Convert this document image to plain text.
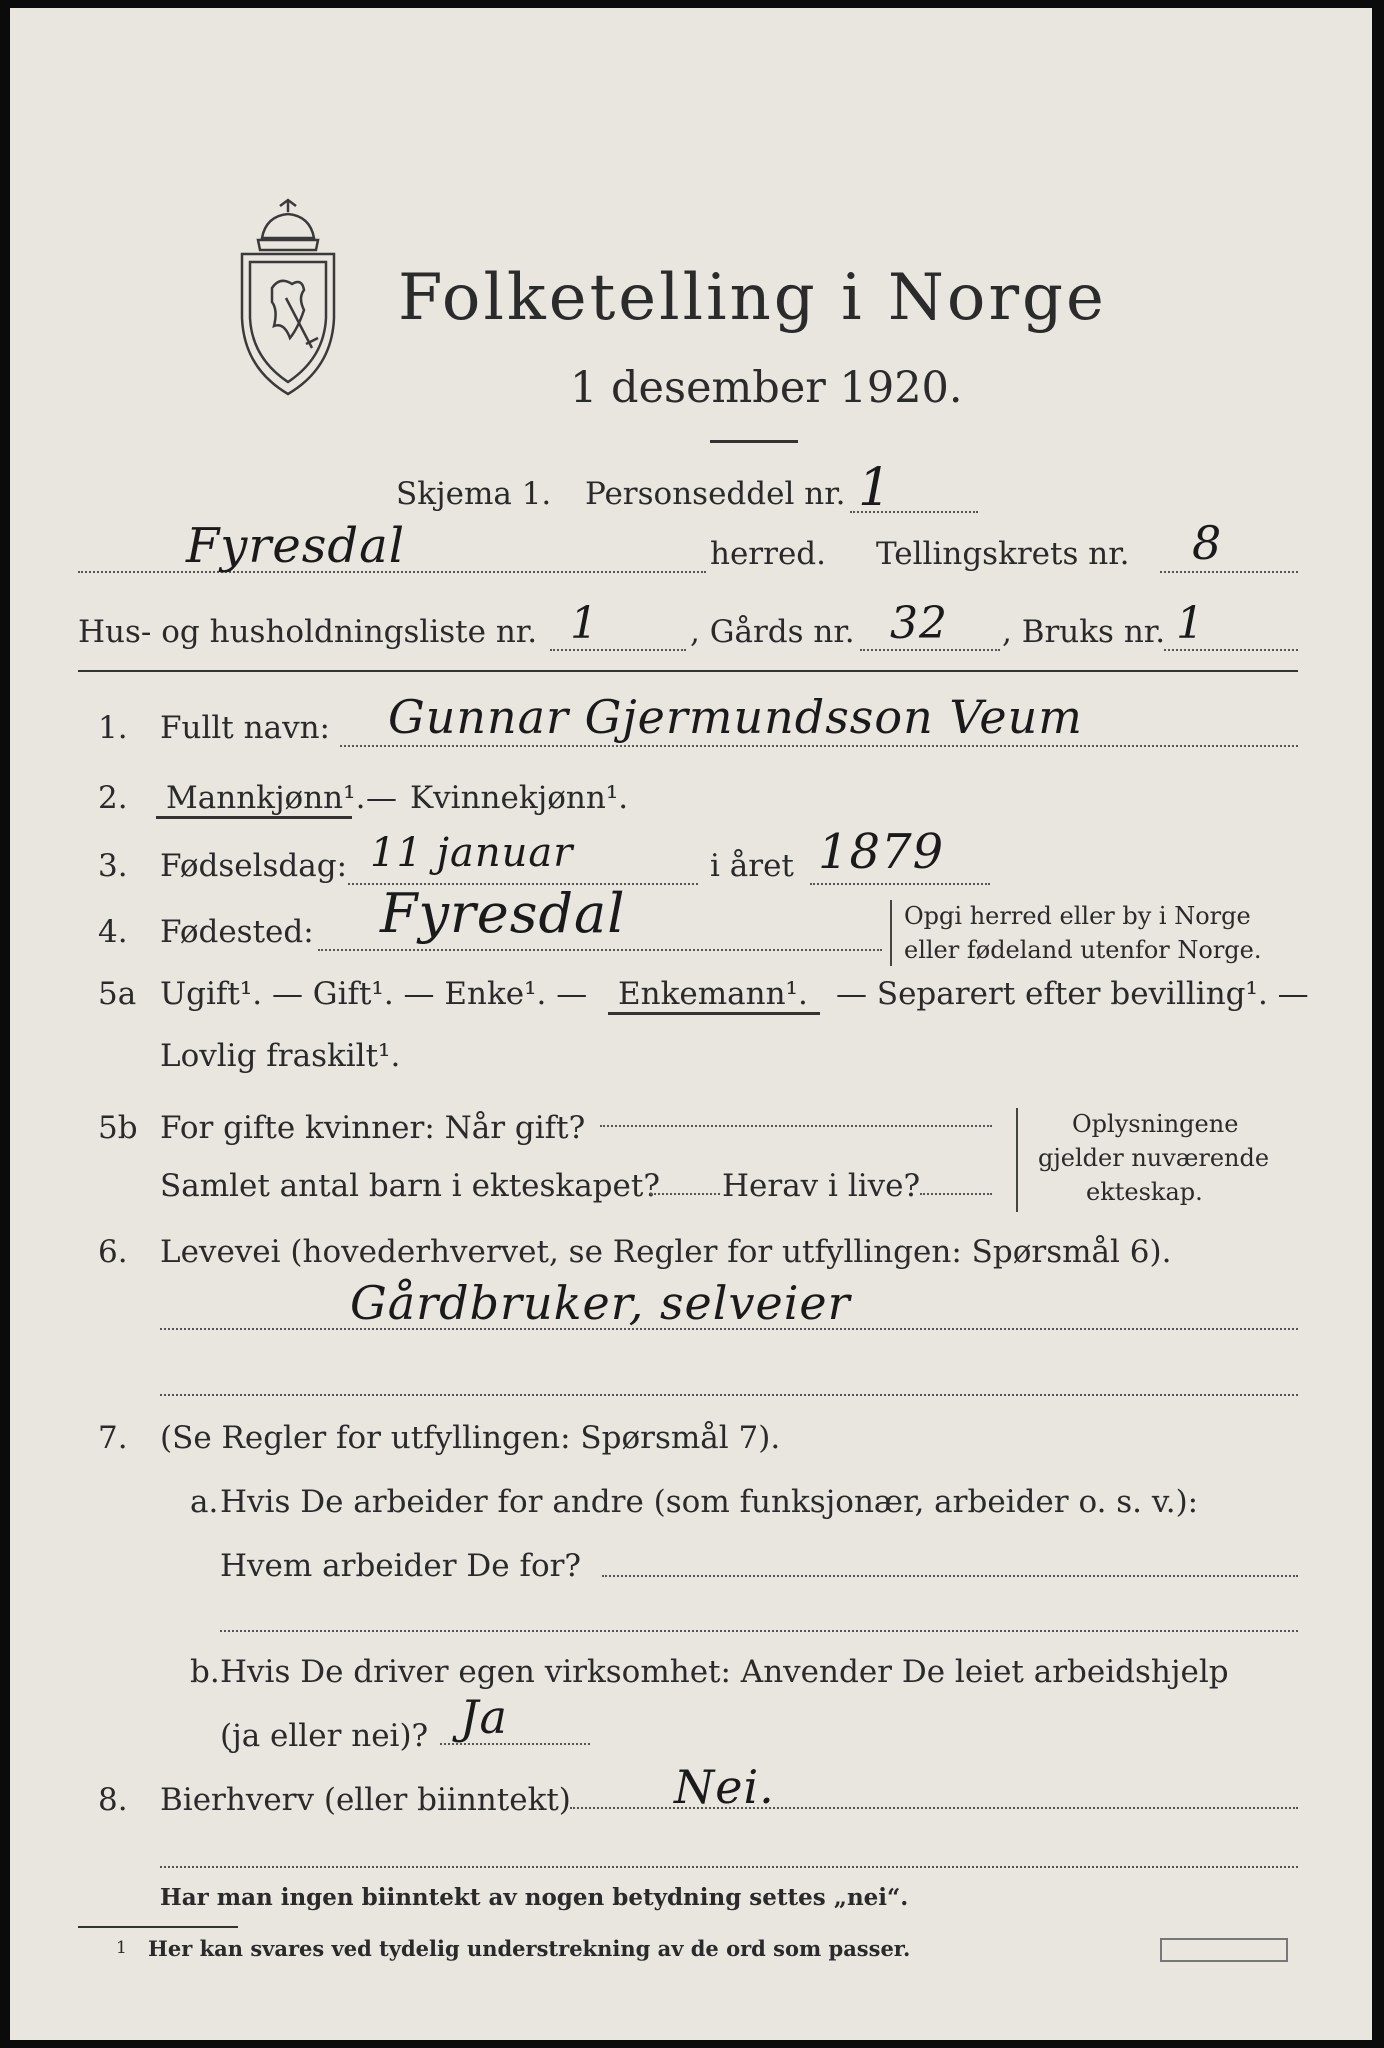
Folketelling i Norge
1 desember 1920.
Skjema 1. Personseddel nr. 1
Fyresdal	herred. Tellingskrets nr. 8
Hus- og husholdningsliste nr. 1	, Gårds nr. 32 , Bruks nr. 1
1. Fullt navn: Gunnar Gjermundsson Veum
2. Mannkjønn¹. — Kvinnekjønn¹.
3. Fødselsdag: 11 januar	i året 1879
4. Fødested: Fyresdal	Opgi herred eller by i Norge
eller fødeland utenfor Norge.
5a Ugift¹. — Gift¹. — Enke¹. — Enkemann¹. — Separert efter bevilling¹. —
Lovlig fraskilt¹.
5b For gifte kvinner: Når gift?
Samlet antal barn i ekteskapet? Herav i live?
Oplysningene
gjelder nuværende
ekteskap.
6. Levevei (hovederhvervet, se Regler for utfyllingen: Spørsmål 6).
Gårdbruker, selveier
7. (Se Regler for utfyllingen: Spørsmål 7).
a. Hvis De arbeider for andre (som funksjonær, arbeider o. s. v.):
Hvem arbeider De for?
b. Hvis De driver egen virksomhet: Anvender De leiet arbeidshjelp
(ja eller nei)? Ja
8. Bierhverv (eller biinntekt) Nei.
Har man ingen biinntekt av nogen betydning settes „nei“.
1 Her kan svares ved tydelig understrekning av de ord som passer.
